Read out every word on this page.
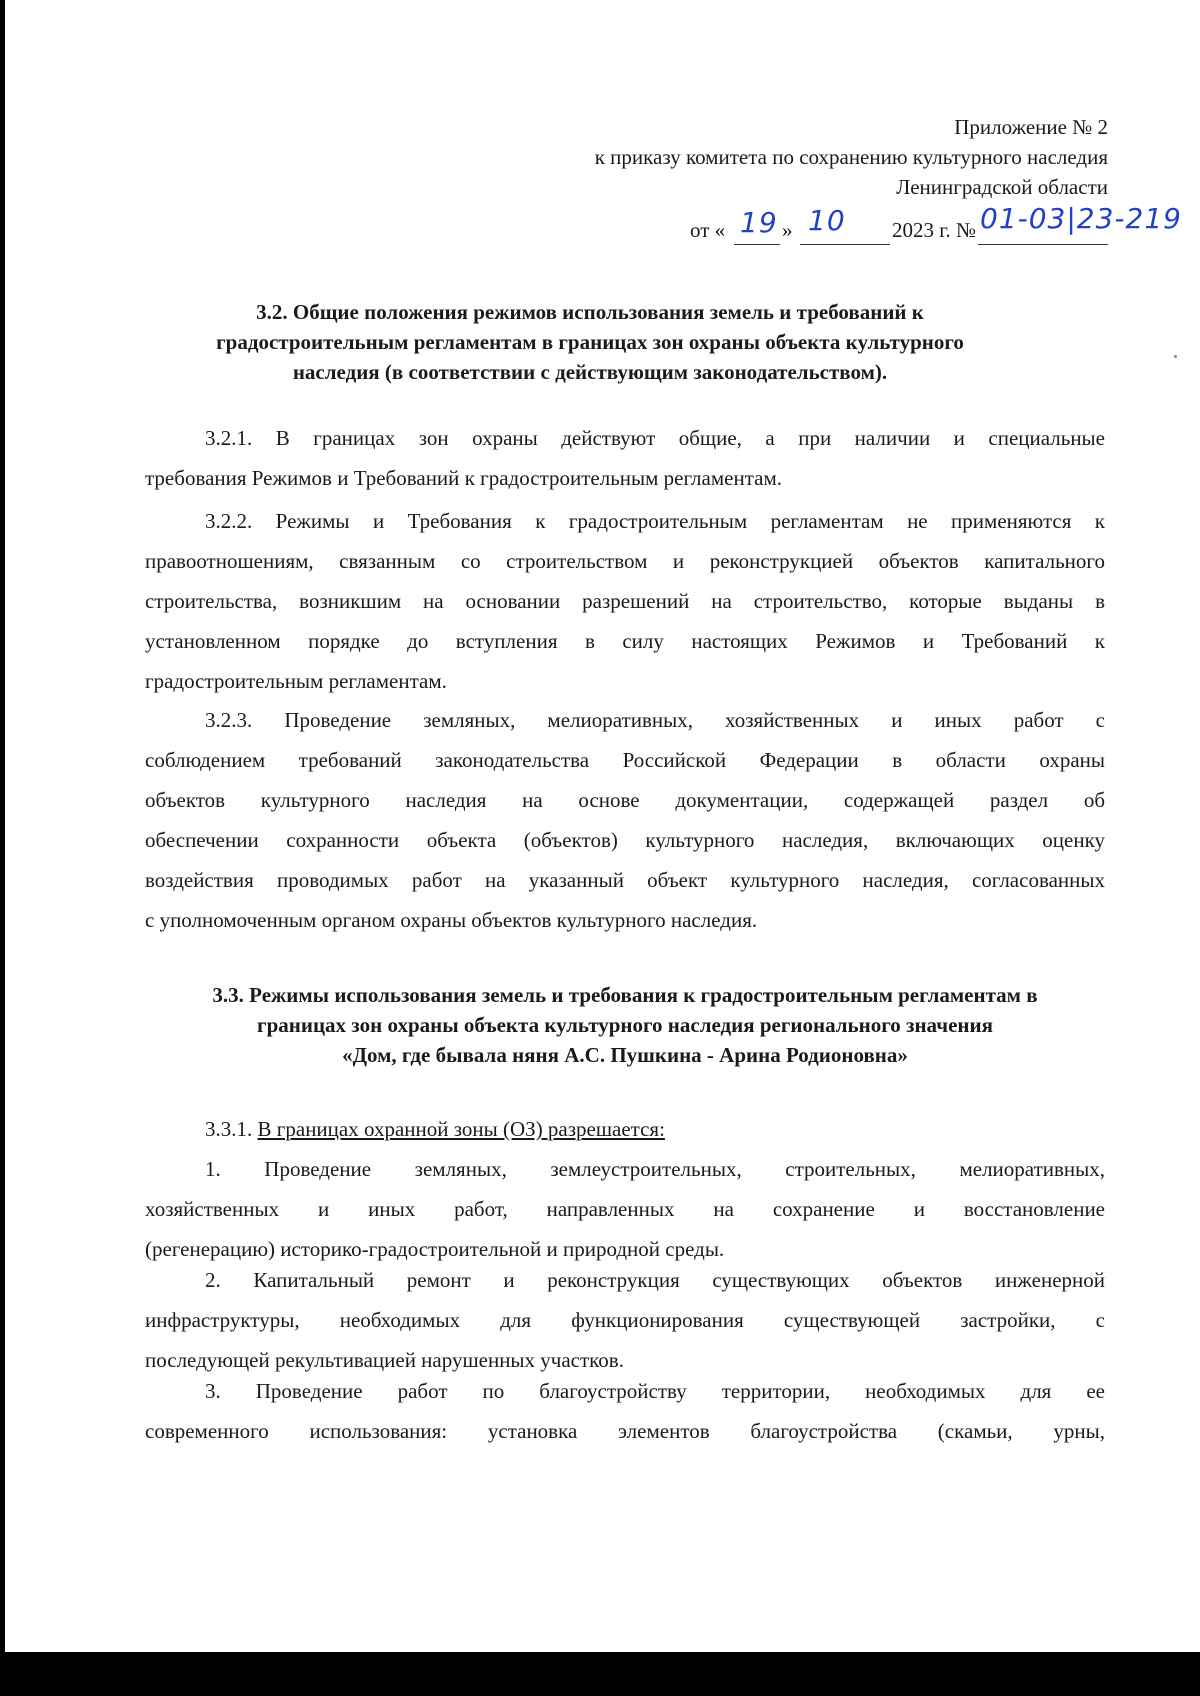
Приложение № 2
к приказу комитета по сохранению культурного наследия
Ленинградской области
от « 19 » 10 2023 г. № 01-03|23-219
3.2. Общие положения режимов использования земель и требований к
градостроительным регламентам в границах зон охраны объекта культурного
наследия (в соответствии с действующим законодательством).
3.2.1. В границах зон охраны действуют общие, а при наличии и специальные
требования Режимов и Требований к градостроительным регламентам.
3.2.2. Режимы и Требования к градостроительным регламентам не применяются к
правоотношениям, связанным со строительством и реконструкцией объектов капитального
строительства, возникшим на основании разрешений на строительство, которые выданы в
установленном порядке до вступления в силу настоящих Режимов и Требований к
градостроительным регламентам.
3.2.3. Проведение земляных, мелиоративных, хозяйственных и иных работ с
соблюдением требований законодательства Российской Федерации в области охраны
объектов культурного наследия на основе документации, содержащей раздел об
обеспечении сохранности объекта (объектов) культурного наследия, включающих оценку
воздействия проводимых работ на указанный объект культурного наследия, согласованных
с уполномоченным органом охраны объектов культурного наследия.
3.3. Режимы использования земель и требования к градостроительным регламентам в
границах зон охраны объекта культурного наследия регионального значения
«Дом, где бывала няня А.С. Пушкина - Арина Родионовна»
3.3.1. В границах охранной зоны (ОЗ) разрешается:
1. Проведение земляных, землеустроительных, строительных, мелиоративных,
хозяйственных и иных работ, направленных на сохранение и восстановление
(регенерацию) историко-градостроительной и природной среды.
2. Капитальный ремонт и реконструкция существующих объектов инженерной
инфраструктуры, необходимых для функционирования существующей застройки, с
последующей рекультивацией нарушенных участков.
3. Проведение работ по благоустройству территории, необходимых для ее
современного использования: установка элементов благоустройства (скамьи, урны,
